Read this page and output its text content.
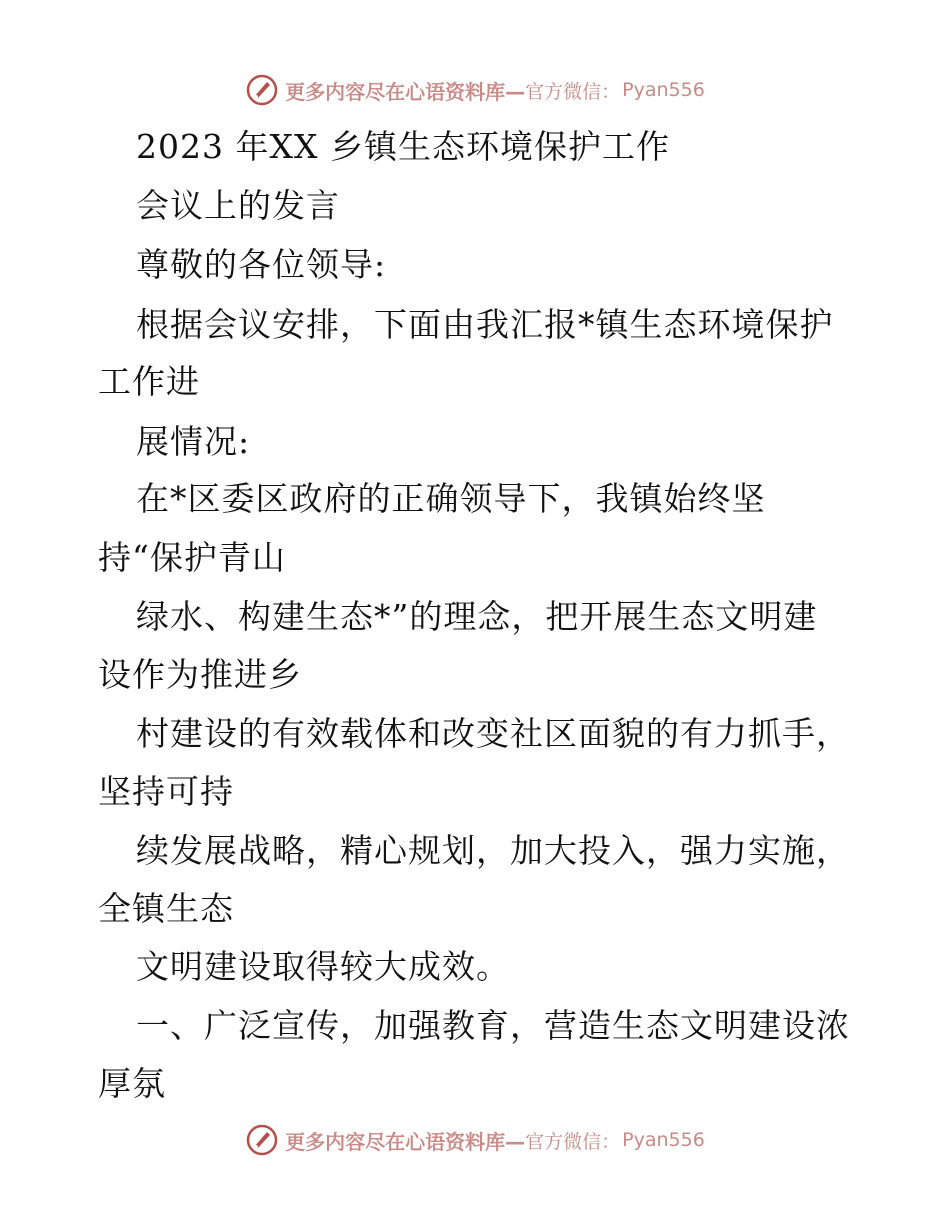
更多内容尽在心语资料库— 官方微信： Pyan556
2023 年XX 乡镇生态环境保护工作
会议上的发言
尊敬的各位领导:
根据会议安排，下面由我汇报*镇生态环境保护
工作进
展情况:
在*区委区政府的正确领导下，我镇始终坚
持“保护青山
绿水、构建生态*”的理念，把开展生态文明建
设作为推进乡
村建设的有效载体和改变社区面貌的有力抓手，
坚持可持
续发展战略，精心规划，加大投入，强力实施，
全镇生态
文明建设取得较大成效。
一、广泛宣传，加强教育，营造生态文明建设浓
厚氛
更多内容尽在心语资料库— 官方微信： Pyan556
